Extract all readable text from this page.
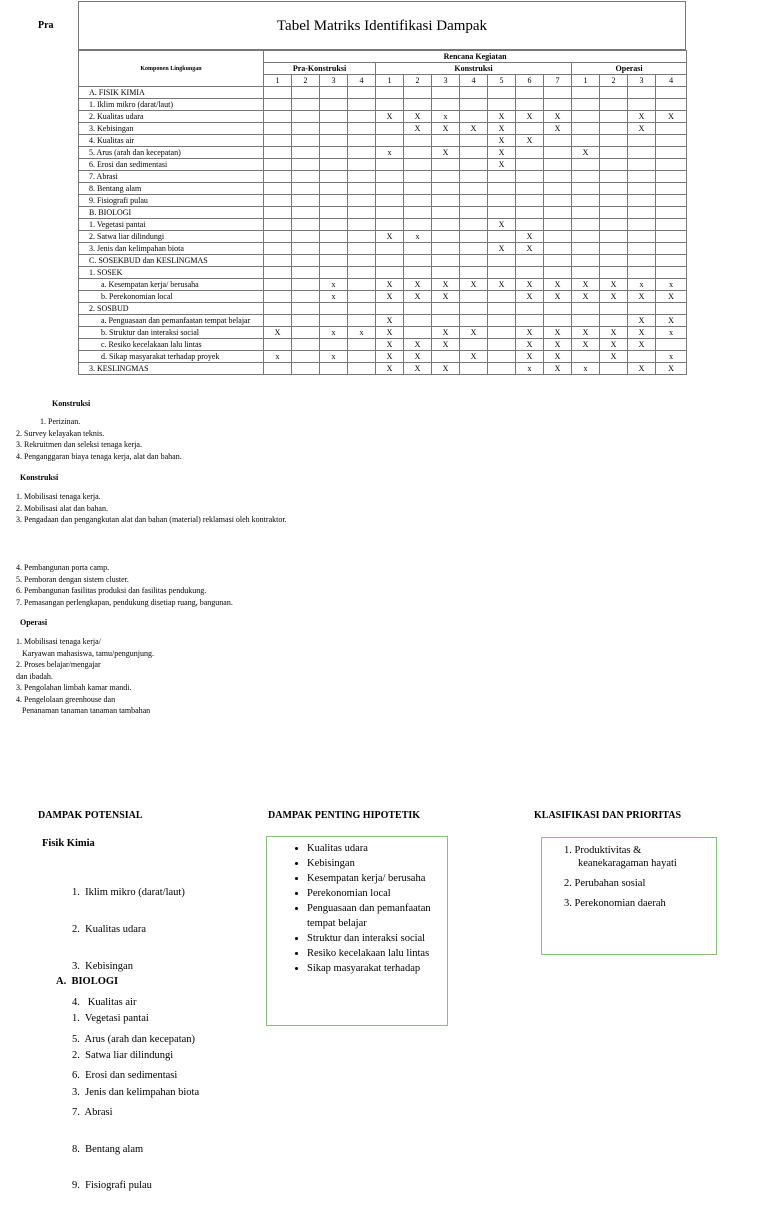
Pra	Tabel Matriks Identifikasi Dampak
Komponen Lingkungan	Rencana Kegiatan														
	Pra-Konstruksi				Konstruksi							Operasi			
	1	2	3	4	1	2	3	4	5	6	7	1	2	3	4
A. FISIK KIMIA															
1. Iklim mikro (darat/laut)															
2. Kualitas udara					X	X	x		X	X	X			X	X
3. Kebisingan						X	X	X	X		X			X	
4. Kualitas air									X	X					
5. Arus (arah dan kecepatan)					x		X		X			X			
6. Erosi dan sedimentasi									X						
7. Abrasi															
8. Bentang alam															
9. Fisiografi pulau															
B. BIOLOGI															
1. Vegetasi pantai									X						
2. Satwa liar dilindungi					X	x				X					
3. Jenis dan kelimpahan biota									X	X					
C. SOSEKBUD dan KESLINGMAS															
1. SOSEK															
a. Kesempatan kerja/ berusaha			x		X	X	X	X	X	X	X	X	X	x	x
b. Perekonomian local			x		X	X	X			X	X	X	X	X	X
2. SOSBUD															
a. Penguasaan dan pemanfaatan tempat belajar					X									X	X
b. Struktur dan interaksi social	X		x	x	X		X	X		X	X	X	X	X	x
c. Resiko kecelakaan lalu lintas					X	X	X			X	X	X	X	X	
d. Sikap masyarakat terhadap proyek	x		x		X	X		X		X	X		X		x
3. KESLINGMAS					X	X	X			x	X	x		X	X
Konstruksi
1. Perizinan.
2. Survey kelayakan teknis.
3. Rekruitmen dan seleksi tenaga kerja.
4. Penganggaran biaya tenaga kerja, alat dan bahan.
Konstruksi
1. Mobilisasi tenaga kerja.
2. Mobilisasi alat dan bahan.
3. Pengadaan dan pengangkutan alat dan bahan (material) reklamasi oleh kontraktor.
4. Pembangunan porta camp.
5. Pemboran dengan sistem cluster.
6. Pembangunan fasilitas produksi dan fasilitas pendukung.
7. Pemasangan perlengkapan, pendukung disetiap ruang, bangunan.
Operasi
1. Mobilisasi tenaga kerja/
Karyawan mahasiswa, tamu/pengunjung.
2. Proses belajar/mengajar
dan ibadah.
3. Pengolahan limbah kamar mandi.
4. Pengelolaan greenhouse dan
Penanaman tanaman tanaman tambahan
DAMPAK POTENSIAL	DAMPAK PENTING HIPOTETIK	KLASIFIKASI DAN PRIORITAS
Fisik Kimia

1.  Iklim mikro (darat/laut)

2.  Kualitas udara

3.  Kebisingan

4.   Kualitas air

5.  Arus (arah dan kecepatan)

6.  Erosi dan sedimentasi

7.  Abrasi

8.  Bentang alam

9.  Fisiografi pulau

A.  BIOLOGI

1.  Vegetasi pantai

2.  Satwa liar dilindungi

3.  Jenis dan kelimpahan biota

• Kualitas udara
• Kebisingan
• Kesempatan kerja/ berusaha
• Perekonomian local
• Penguasaan dan pemanfaatan tempat belajar
• Struktur dan interaksi social
• Resiko kecelakaan lalu lintas
• Sikap masyarakat terhadap
1. Produktivitas & keanekaragaman hayati
2. Perubahan sosial
3. Perekonomian daerah
